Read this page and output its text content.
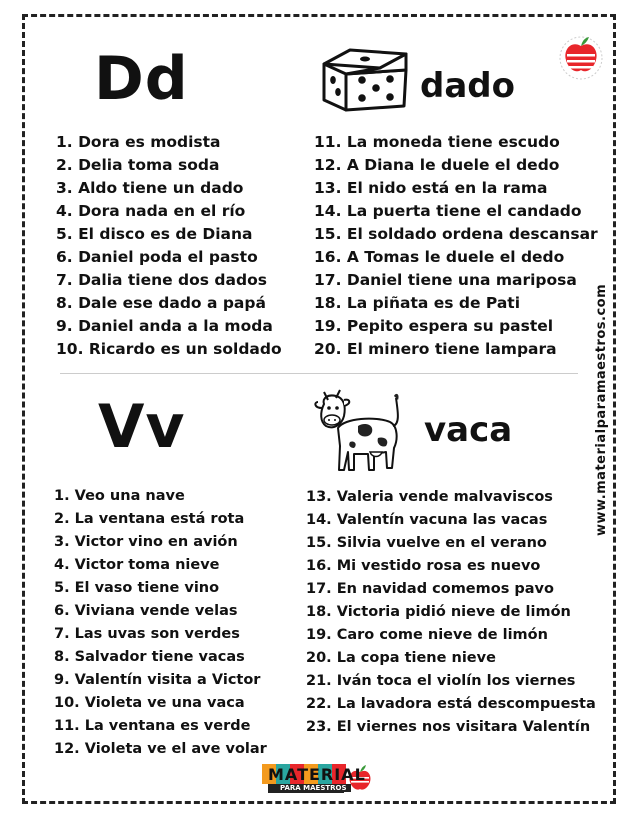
Dd	dado
1. Dora es modista
2. Delia toma soda
3. Aldo tiene un dado
4. Dora nada en el río
5. El disco es de Diana
6. Daniel poda el pasto
7. Dalia tiene dos dados
8. Dale ese dado a papá
9. Daniel anda a la moda
10. Ricardo es un soldado
11. La moneda tiene escudo
12. A Diana le duele el dedo
13. El nido está en la rama
14. La puerta tiene el candado
15. El soldado ordena descansar
16. A Tomas le duele el dedo
17. Daniel tiene una mariposa
18. La piñata es de Pati
19. Pepito espera su pastel
20. El minero tiene lampara
Vv	vaca
1. Veo una nave
2. La ventana está rota
3. Victor vino en avión
4. Victor toma nieve
5. El vaso tiene vino
6. Viviana vende velas
7. Las uvas son verdes
8. Salvador tiene vacas
9. Valentín visita a Victor
10. Violeta ve una vaca
11. La ventana es verde
12. Violeta ve el ave volar
13. Valeria vende malvaviscos
14. Valentín vacuna las vacas
15. Silvia vuelve en el verano
16. Mi vestido rosa es nuevo
17. En navidad comemos pavo
18. Victoria pidió nieve de limón
19. Caro come nieve de limón
20. La copa tiene nieve
21. Iván toca el violín los viernes
22. La lavadora está descompuesta
23. El viernes nos visitara Valentín
www.materialparamaestros.com
MATERIAL
PARA MAESTROS
